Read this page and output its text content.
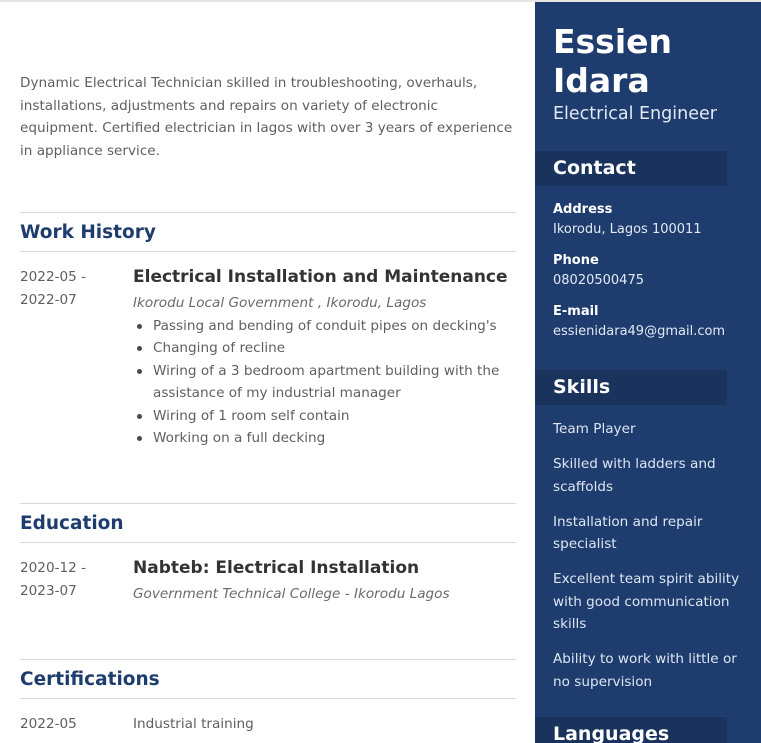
Dynamic Electrical Technician skilled in troubleshooting, overhauls, installations, adjustments and repairs on variety of electronic equipment. Certified electrician in lagos with over 3 years of experience in appliance service.
Work History
2022-05 -
2022-07
Electrical Installation and Maintenance
Ikorodu Local Government , Ikorodu, Lagos
Passing and bending of conduit pipes on decking's
Changing of recline
Wiring of a 3 bedroom apartment building with the assistance of my industrial manager
Wiring of 1 room self contain
Working on a full decking
Education
2020-12 -
2023-07
Nabteb: Electrical Installation
Government Technical College - Ikorodu Lagos
Certifications
2022-05	Industrial training
Essien
Idara
Electrical Engineer
Contact
Address
Ikorodu, Lagos 100011
Phone
08020500475
E-mail
essienidara49@gmail.com
Skills
Team Player
Skilled with ladders and scaffolds
Installation and repair specialist
Excellent team spirit ability with good communication skills
Ability to work with little or no supervision
Languages
